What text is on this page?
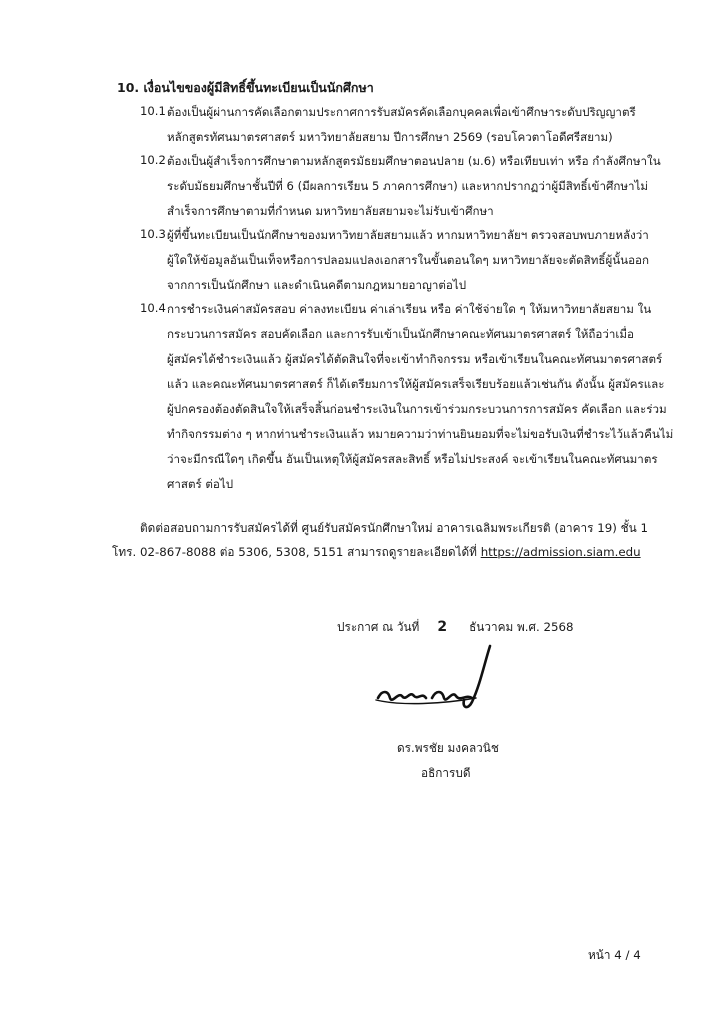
10. เงื่อนไขของผู้มีสิทธิ์ขึ้นทะเบียนเป็นนักศึกษา
10.1 ต้องเป็นผู้ผ่านการคัดเลือกตามประกาศการรับสมัครคัดเลือกบุคคลเพื่อเข้าศึกษาระดับปริญญาตรี
หลักสูตรทัศนมาตรศาสตร์ มหาวิทยาลัยสยาม ปีการศึกษา 2569 (รอบโควตาโอดีศรีสยาม)
10.2 ต้องเป็นผู้สำเร็จการศึกษาตามหลักสูตรมัธยมศึกษาตอนปลาย (ม.6) หรือเทียบเท่า หรือ กำลังศึกษาใน
ระดับมัธยมศึกษาชั้นปีที่ 6 (มีผลการเรียน 5 ภาคการศึกษา) และหากปรากฏว่าผู้มีสิทธิ์เข้าศึกษาไม่
สำเร็จการศึกษาตามที่กำหนด มหาวิทยาลัยสยามจะไม่รับเข้าศึกษา
10.3 ผู้ที่ขึ้นทะเบียนเป็นนักศึกษาของมหาวิทยาลัยสยามแล้ว หากมหาวิทยาลัยฯ ตรวจสอบพบภายหลังว่า
ผู้ใดให้ข้อมูลอันเป็นเท็จหรือการปลอมแปลงเอกสารในขั้นตอนใดๆ มหาวิทยาลัยจะตัดสิทธิ์ผู้นั้นออก
จากการเป็นนักศึกษา และดำเนินคดีตามกฎหมายอาญาต่อไป
10.4 การชำระเงินค่าสมัครสอบ ค่าลงทะเบียน ค่าเล่าเรียน หรือ ค่าใช้จ่ายใด ๆ ให้มหาวิทยาลัยสยาม ใน
กระบวนการสมัคร สอบคัดเลือก และการรับเข้าเป็นนักศึกษาคณะทัศนมาตรศาสตร์ ให้ถือว่าเมื่อ
ผู้สมัครได้ชำระเงินแล้ว ผู้สมัครได้ตัดสินใจที่จะเข้าทำกิจกรรม หรือเข้าเรียนในคณะทัศนมาตรศาสตร์
แล้ว และคณะทัศนมาตรศาสตร์ ก็ได้เตรียมการให้ผู้สมัครเสร็จเรียบร้อยแล้วเช่นกัน ดังนั้น ผู้สมัครและ
ผู้ปกครองต้องตัดสินใจให้เสร็จสิ้นก่อนชำระเงินในการเข้าร่วมกระบวนการการสมัคร คัดเลือก และร่วม
ทำกิจกรรมต่าง ๆ หากท่านชำระเงินแล้ว หมายความว่าท่านยินยอมที่จะไม่ขอรับเงินที่ชำระไว้แล้วคืนไม่
ว่าจะมีกรณีใดๆ เกิดขึ้น อันเป็นเหตุให้ผู้สมัครสละสิทธิ์ หรือไม่ประสงค์ จะเข้าเรียนในคณะทัศนมาตร
ศาสตร์ ต่อไป
ติดต่อสอบถามการรับสมัครได้ที่ ศูนย์รับสมัครนักศึกษาใหม่ อาคารเฉลิมพระเกียรติ (อาคาร 19) ชั้น 1
โทร. 02-867-8088 ต่อ 5306, 5308, 5151 สามารถดูรายละเอียดได้ที่ https://admission.siam.edu
ประกาศ ณ วันที่ 2 ธันวาคม พ.ศ. 2568
ดร.พรชัย มงคลวนิช
อธิการบดี
หน้า 4 / 4
